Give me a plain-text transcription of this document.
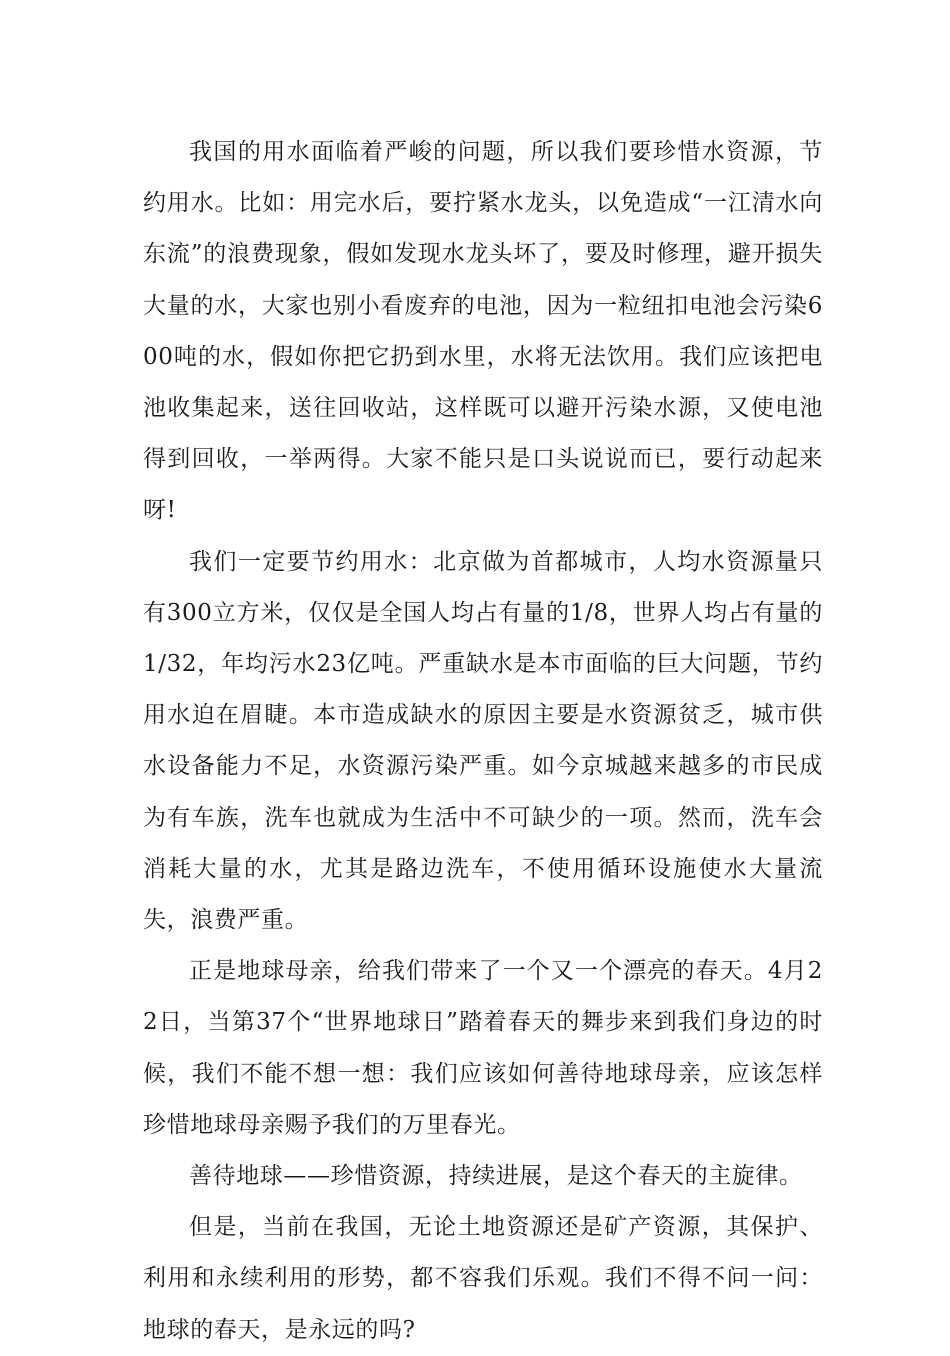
我国的用水面临着严峻的问题，所以我们要珍惜水资源，节约用水。比如：用完水后，要拧紧水龙头，以免造成“一江清水向东流”的浪费现象，假如发现水龙头坏了，要及时修理，避开损失大量的水，大家也别小看废弃的电池，因为一粒纽扣电池会污染600吨的水，假如你把它扔到水里，水将无法饮用。我们应该把电池收集起来，送往回收站，这样既可以避开污染水源，又使电池得到回收，一举两得。大家不能只是口头说说而已，要行动起来呀!

我们一定要节约用水：北京做为首都城市，人均水资源量只有300立方米，仅仅是全国人均占有量的1/8，世界人均占有量的1/32，年均污水23亿吨。严重缺水是本市面临的巨大问题，节约用水迫在眉睫。本市造成缺水的原因主要是水资源贫乏，城市供水设备能力不足，水资源污染严重。如今京城越来越多的市民成为有车族，洗车也就成为生活中不可缺少的一项。然而，洗车会消耗大量的水，尤其是路边洗车，不使用循环设施使水大量流失，浪费严重。

正是地球母亲，给我们带来了一个又一个漂亮的春天。4月22日，当第37个“世界地球日”踏着春天的舞步来到我们身边的时候，我们不能不想一想：我们应该如何善待地球母亲，应该怎样珍惜地球母亲赐予我们的万里春光。

善待地球——珍惜资源，持续进展，是这个春天的主旋律。

但是，当前在我国，无论土地资源还是矿产资源，其保护、利用和永续利用的形势，都不容我们乐观。我们不得不问一问：地球的春天，是永远的吗?
